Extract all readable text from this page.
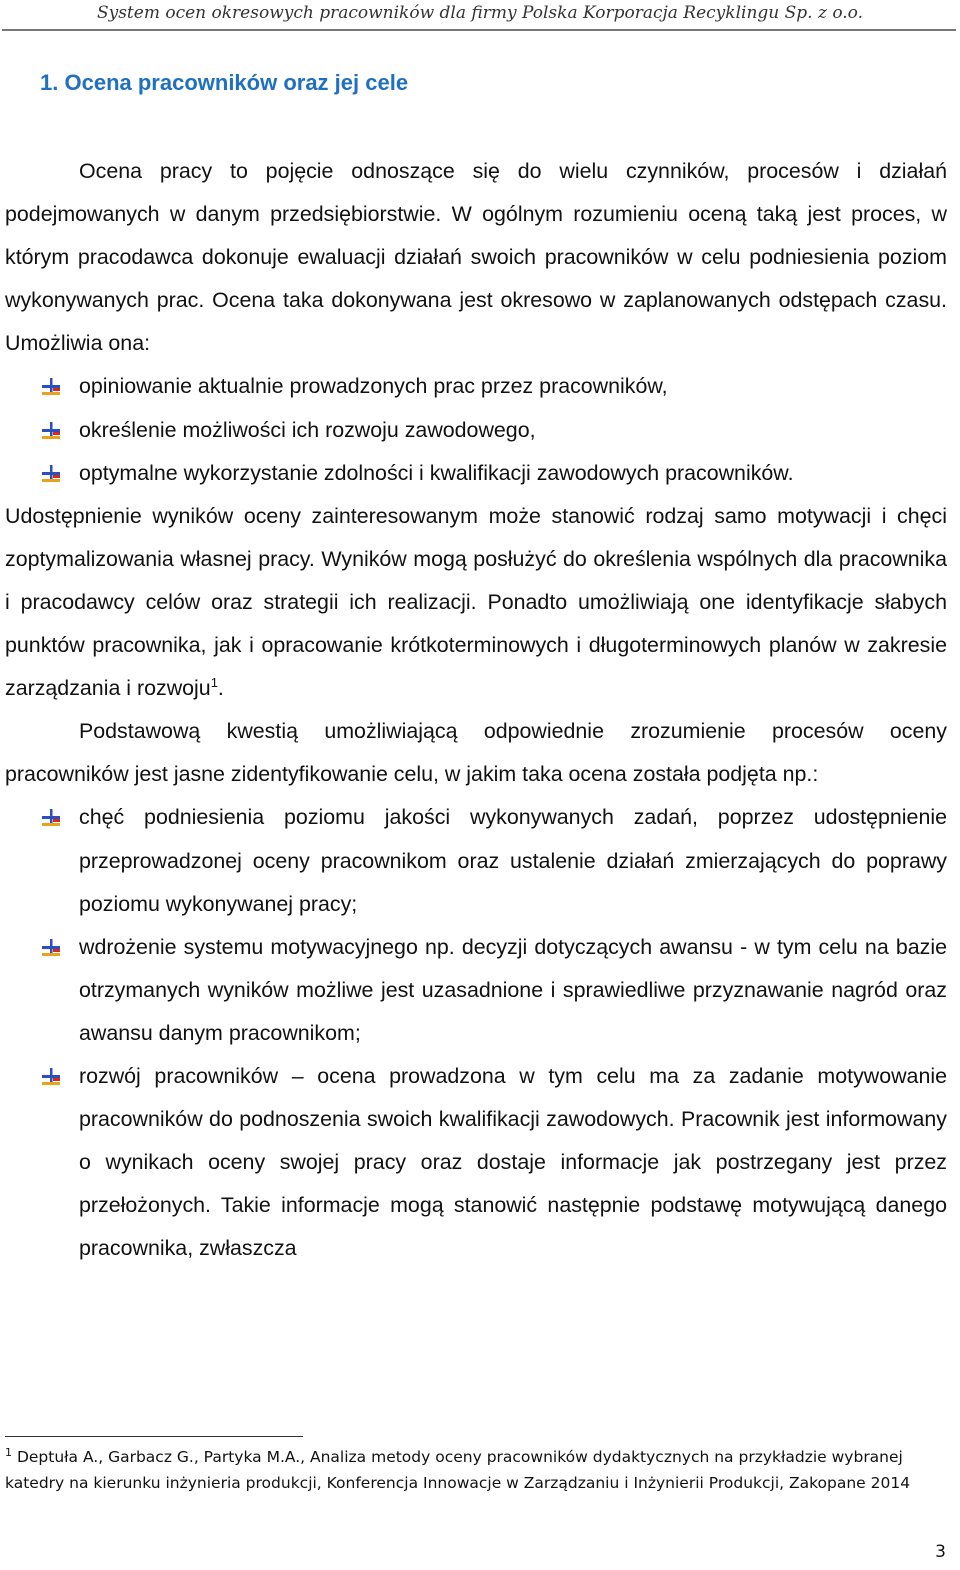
System ocen okresowych pracowników dla firmy Polska Korporacja Recyklingu Sp. z o.o.
1. Ocena pracowników oraz jej cele

Ocena pracy to pojęcie odnoszące się do wielu czynników, procesów i działań podejmowanych w danym przedsiębiorstwie. W ogólnym rozumieniu oceną taką jest proces, w którym pracodawca dokonuje ewaluacji działań swoich pracowników w celu podniesienia poziom wykonywanych prac. Ocena taka dokonywana jest okresowo w zaplanowanych odstępach czasu. Umożliwia ona:

opiniowanie aktualnie prowadzonych prac przez pracowników,
określenie możliwości ich rozwoju zawodowego,
optymalne wykorzystanie zdolności i kwalifikacji zawodowych pracowników.

Udostępnienie wyników oceny zainteresowanym może stanowić rodzaj samo motywacji i chęci zoptymalizowania własnej pracy. Wyników mogą posłużyć do określenia wspólnych dla pracownika i pracodawcy celów oraz strategii ich realizacji. Ponadto umożliwiają one identyfikacje słabych punktów pracownika, jak i opracowanie krótkoterminowych i długoterminowych planów w zakresie zarządzania i rozwoju$^1$.

Podstawową kwestią umożliwiającą odpowiednie zrozumienie procesów oceny pracowników jest jasne zidentyfikowanie celu, w jakim taka ocena została podjęta np.:

chęć podniesienia poziomu jakości wykonywanych zadań, poprzez udostępnienie przeprowadzonej oceny pracownikom oraz ustalenie działań zmierzających do poprawy poziomu wykonywanej pracy;
wdrożenie systemu motywacyjnego np. decyzji dotyczących awansu - w tym celu na bazie otrzymanych wyników możliwe jest uzasadnione i sprawiedliwe przyznawanie nagród oraz awansu danym pracownikom;
rozwój pracowników – ocena prowadzona w tym celu ma za zadanie motywowanie pracowników do podnoszenia swoich kwalifikacji zawodowych. Pracownik jest informowany o wynikach oceny swojej pracy oraz dostaje informacje jak postrzegany jest przez przełożonych. Takie informacje mogą stanowić następnie podstawę motywującą danego pracownika, zwłaszcza
$^1$ Deptuła A., Garbacz G., Partyka M.A., Analiza metody oceny pracowników dydaktycznych na przykładzie wybranej katedry na kierunku inżynieria produkcji, Konferencja Innowacje w Zarządzaniu i Inżynierii Produkcji, Zakopane 2014
3
